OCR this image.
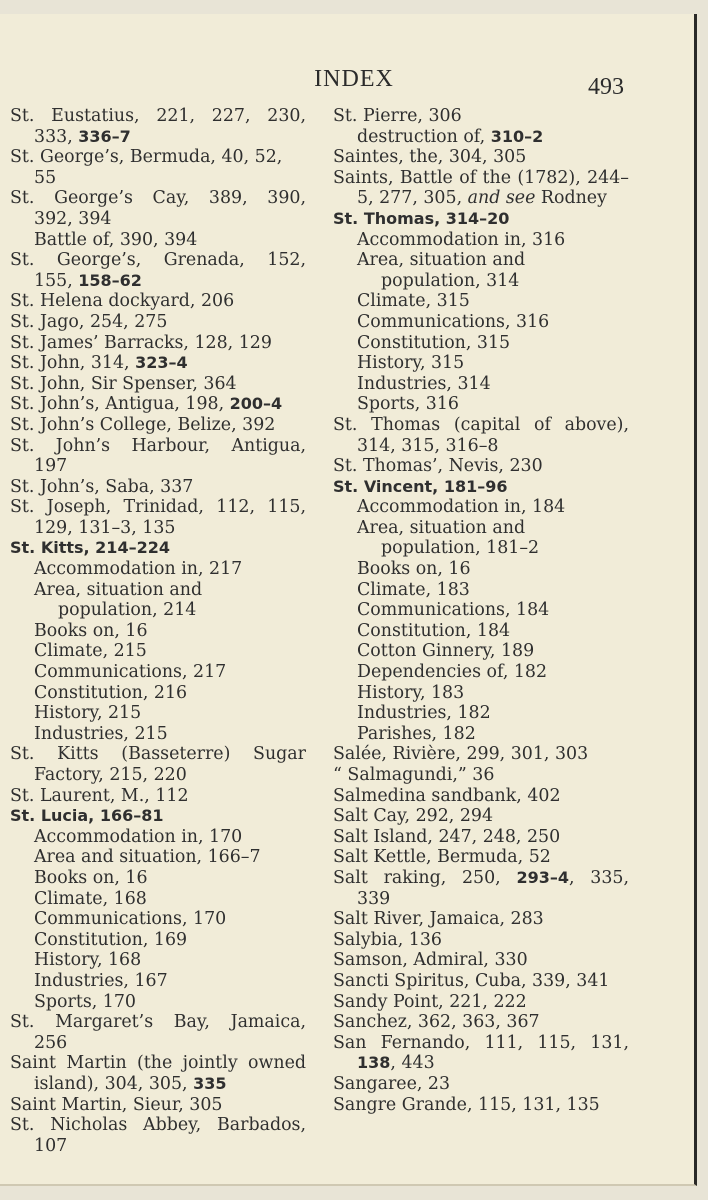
INDEX	493
St. Eustatius, 221, 227, 230,
333, 336–7
St. George’s, Bermuda, 40, 52, 55
St. George’s Cay, 389, 390,
392, 394
Battle of, 390, 394
St. George’s, Grenada, 152,
155, 158–62
St. Helena dockyard, 206
St. Jago, 254, 275
St. James’ Barracks, 128, 129
St. John, 314, 323–4
St. John, Sir Spenser, 364
St. John’s, Antigua, 198, 200–4
St. John’s College, Belize, 392
St. John’s Harbour, Antigua,
197
St. John’s, Saba, 337
St. Joseph, Trinidad, 112, 115,
129, 131–3, 135
St. Kitts, 214–224
Accommodation in, 217
Area, situation and population, 214
Books on, 16
Climate, 215
Communications, 217
Constitution, 216
History, 215
Industries, 215
St. Kitts (Basseterre) Sugar
Factory, 215, 220
St. Laurent, M., 112
St. Lucia, 166–81
Accommodation in, 170
Area and situation, 166–7
Books on, 16
Climate, 168
Communications, 170
Constitution, 169
History, 168
Industries, 167
Sports, 170
St. Margaret’s Bay, Jamaica,
256
Saint Martin (the jointly owned island), 304, 305, 335
Saint Martin, Sieur, 305
St. Nicholas Abbey, Barbados,
107
St. Pierre, 306
destruction of, 310–2
Saintes, the, 304, 305
Saints, Battle of the (1782), 244–5, 277, 305, and see Rodney
St. Thomas, 314–20
Accommodation in, 316
Area, situation and population, 314
Climate, 315
Communications, 316
Constitution, 315
History, 315
Industries, 314
Sports, 316
St. Thomas (capital of above),
314, 315, 316–8
St. Thomas’, Nevis, 230
St. Vincent, 181–96
Accommodation in, 184
Area, situation and population, 181–2
Books on, 16
Climate, 183
Communications, 184
Constitution, 184
Cotton Ginnery, 189
Dependencies of, 182
History, 183
Industries, 182
Parishes, 182
Salée, Rivière, 299, 301, 303
“ Salmagundi,” 36
Salmedina sandbank, 402
Salt Cay, 292, 294
Salt Island, 247, 248, 250
Salt Kettle, Bermuda, 52
Salt raking, 250, 293–4, 335,
339
Salt River, Jamaica, 283
Salybia, 136
Samson, Admiral, 330
Sancti Spiritus, Cuba, 339, 341
Sandy Point, 221, 222
Sanchez, 362, 363, 367
San Fernando, 111, 115, 131,
138, 443
Sangaree, 23
Sangre Grande, 115, 131, 135
